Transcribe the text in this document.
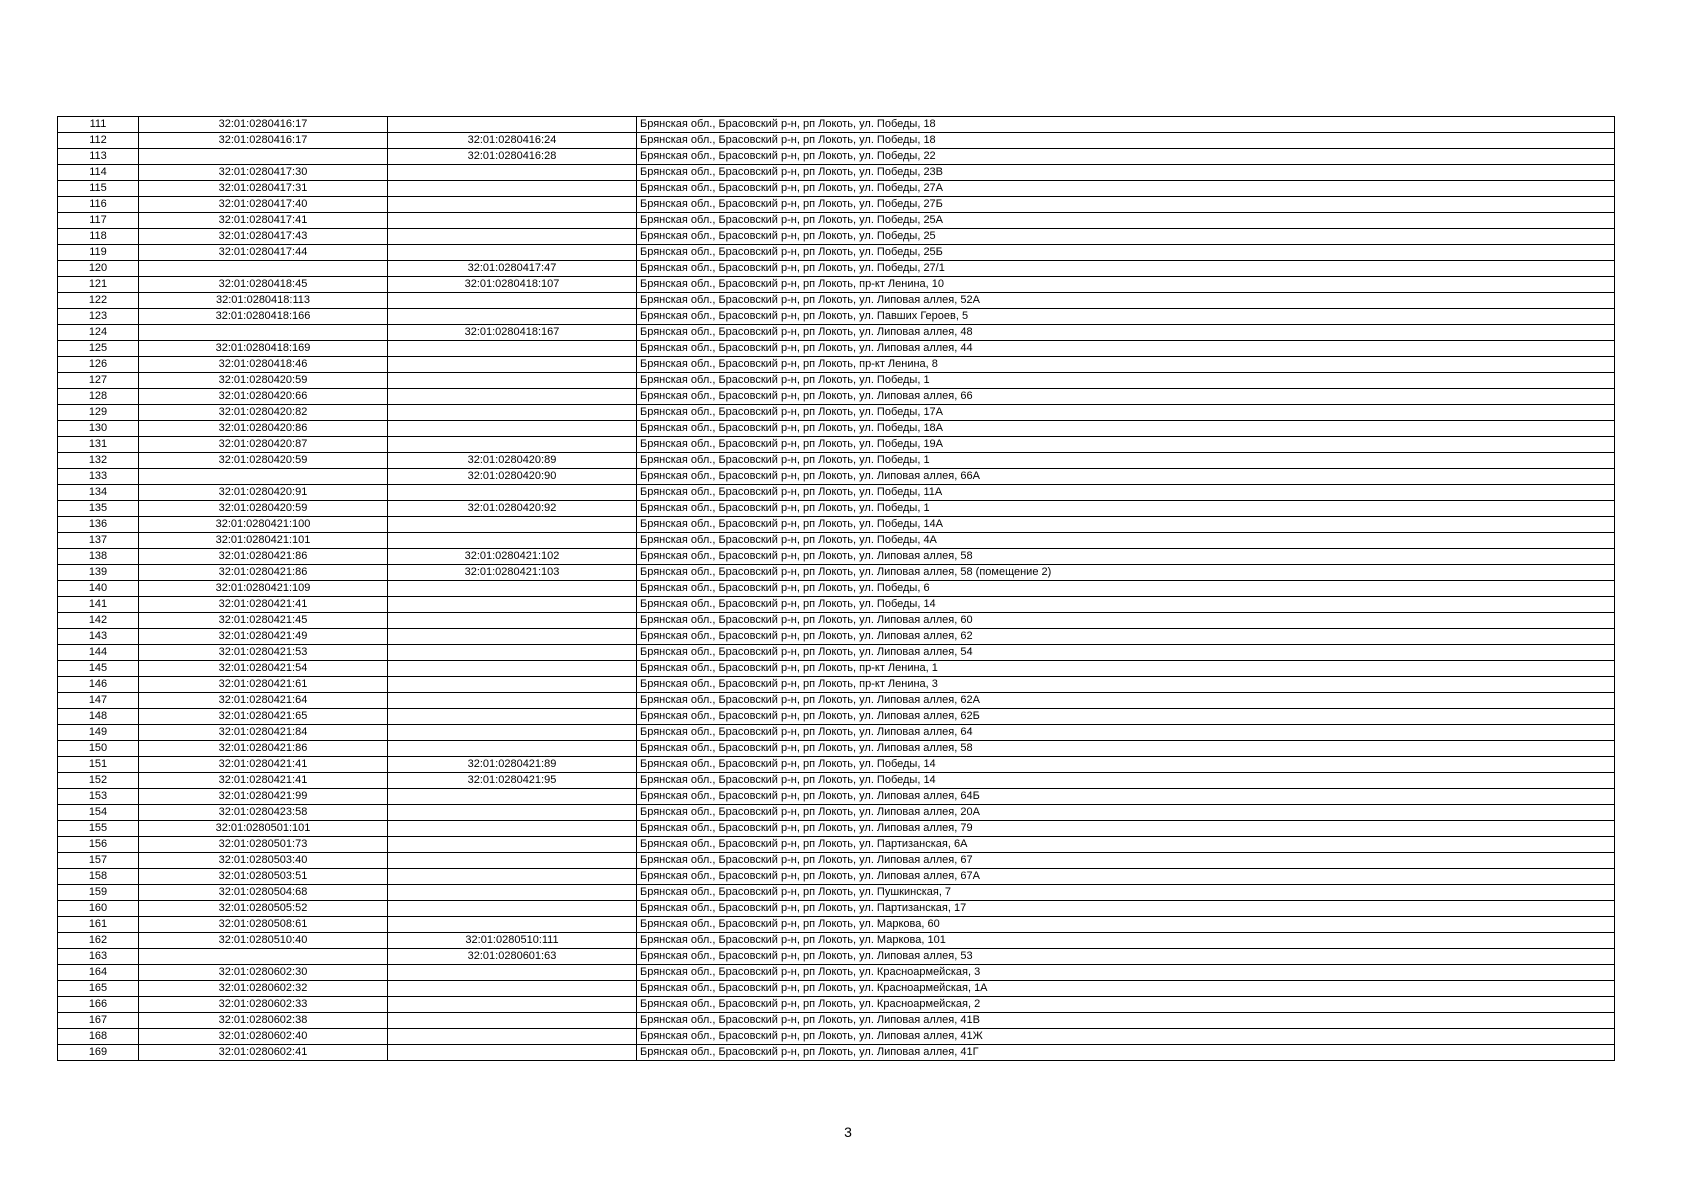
111	32:01:0280416:17		Брянская обл., Брасовский р-н, рп Локоть, ул. Победы, 18
112	32:01:0280416:17	32:01:0280416:24	Брянская обл., Брасовский р-н, рп Локоть, ул. Победы, 18
113		32:01:0280416:28	Брянская обл., Брасовский р-н, рп Локоть, ул. Победы, 22
114	32:01:0280417:30		Брянская обл., Брасовский р-н, рп Локоть, ул. Победы, 23В
115	32:01:0280417:31		Брянская обл., Брасовский р-н, рп Локоть, ул. Победы, 27А
116	32:01:0280417:40		Брянская обл., Брасовский р-н, рп Локоть, ул. Победы, 27Б
117	32:01:0280417:41		Брянская обл., Брасовский р-н, рп Локоть, ул. Победы, 25А
118	32:01:0280417:43		Брянская обл., Брасовский р-н, рп Локоть, ул. Победы, 25
119	32:01:0280417:44		Брянская обл., Брасовский р-н, рп Локоть, ул. Победы, 25Б
120		32:01:0280417:47	Брянская обл., Брасовский р-н, рп Локоть, ул. Победы, 27/1
121	32:01:0280418:45	32:01:0280418:107	Брянская обл., Брасовский р-н, рп Локоть, пр-кт Ленина, 10
122	32:01:0280418:113		Брянская обл., Брасовский р-н, рп Локоть, ул. Липовая аллея, 52А
123	32:01:0280418:166		Брянская обл., Брасовский р-н, рп Локоть, ул. Павших Героев, 5
124		32:01:0280418:167	Брянская обл., Брасовский р-н, рп Локоть, ул. Липовая аллея, 48
125	32:01:0280418:169		Брянская обл., Брасовский р-н, рп Локоть, ул. Липовая аллея, 44
126	32:01:0280418:46		Брянская обл., Брасовский р-н, рп Локоть, пр-кт Ленина, 8
127	32:01:0280420:59		Брянская обл., Брасовский р-н, рп Локоть, ул. Победы, 1
128	32:01:0280420:66		Брянская обл., Брасовский р-н, рп Локоть, ул. Липовая аллея, 66
129	32:01:0280420:82		Брянская обл., Брасовский р-н, рп Локоть, ул. Победы, 17А
130	32:01:0280420:86		Брянская обл., Брасовский р-н, рп Локоть, ул. Победы, 18А
131	32:01:0280420:87		Брянская обл., Брасовский р-н, рп Локоть, ул. Победы, 19А
132	32:01:0280420:59	32:01:0280420:89	Брянская обл., Брасовский р-н, рп Локоть, ул. Победы, 1
133		32:01:0280420:90	Брянская обл., Брасовский р-н, рп Локоть, ул. Липовая аллея, 66А
134	32:01:0280420:91		Брянская обл., Брасовский р-н, рп Локоть, ул. Победы, 11А
135	32:01:0280420:59	32:01:0280420:92	Брянская обл., Брасовский р-н, рп Локоть, ул. Победы, 1
136	32:01:0280421:100		Брянская обл., Брасовский р-н, рп Локоть, ул. Победы, 14А
137	32:01:0280421:101		Брянская обл., Брасовский р-н, рп Локоть, ул. Победы, 4А
138	32:01:0280421:86	32:01:0280421:102	Брянская обл., Брасовский р-н, рп Локоть, ул. Липовая аллея, 58
139	32:01:0280421:86	32:01:0280421:103	Брянская обл., Брасовский р-н, рп Локоть, ул. Липовая аллея, 58 (помещение 2)
140	32:01:0280421:109		Брянская обл., Брасовский р-н, рп Локоть, ул. Победы, 6
141	32:01:0280421:41		Брянская обл., Брасовский р-н, рп Локоть, ул. Победы, 14
142	32:01:0280421:45		Брянская обл., Брасовский р-н, рп Локоть, ул. Липовая аллея, 60
143	32:01:0280421:49		Брянская обл., Брасовский р-н, рп Локоть, ул. Липовая аллея, 62
144	32:01:0280421:53		Брянская обл., Брасовский р-н, рп Локоть, ул. Липовая аллея, 54
145	32:01:0280421:54		Брянская обл., Брасовский р-н, рп Локоть, пр-кт Ленина, 1
146	32:01:0280421:61		Брянская обл., Брасовский р-н, рп Локоть, пр-кт Ленина, 3
147	32:01:0280421:64		Брянская обл., Брасовский р-н, рп Локоть, ул. Липовая аллея, 62А
148	32:01:0280421:65		Брянская обл., Брасовский р-н, рп Локоть, ул. Липовая аллея, 62Б
149	32:01:0280421:84		Брянская обл., Брасовский р-н, рп Локоть, ул. Липовая аллея, 64
150	32:01:0280421:86		Брянская обл., Брасовский р-н, рп Локоть, ул. Липовая аллея, 58
151	32:01:0280421:41	32:01:0280421:89	Брянская обл., Брасовский р-н, рп Локоть, ул. Победы, 14
152	32:01:0280421:41	32:01:0280421:95	Брянская обл., Брасовский р-н, рп Локоть, ул. Победы, 14
153	32:01:0280421:99		Брянская обл., Брасовский р-н, рп Локоть, ул. Липовая аллея, 64Б
154	32:01:0280423:58		Брянская обл., Брасовский р-н, рп Локоть, ул. Липовая аллея, 20А
155	32:01:0280501:101		Брянская обл., Брасовский р-н, рп Локоть, ул. Липовая аллея, 79
156	32:01:0280501:73		Брянская обл., Брасовский р-н, рп Локоть, ул. Партизанская, 6А
157	32:01:0280503:40		Брянская обл., Брасовский р-н, рп Локоть, ул. Липовая аллея, 67
158	32:01:0280503:51		Брянская обл., Брасовский р-н, рп Локоть, ул. Липовая аллея, 67А
159	32:01:0280504:68		Брянская обл., Брасовский р-н, рп Локоть, ул. Пушкинская, 7
160	32:01:0280505:52		Брянская обл., Брасовский р-н, рп Локоть, ул. Партизанская, 17
161	32:01:0280508:61		Брянская обл., Брасовский р-н, рп Локоть, ул. Маркова, 60
162	32:01:0280510:40	32:01:0280510:111	Брянская обл., Брасовский р-н, рп Локоть, ул. Маркова, 101
163		32:01:0280601:63	Брянская обл., Брасовский р-н, рп Локоть, ул. Липовая аллея, 53
164	32:01:0280602:30		Брянская обл., Брасовский р-н, рп Локоть, ул. Красноармейская, 3
165	32:01:0280602:32		Брянская обл., Брасовский р-н, рп Локоть, ул. Красноармейская, 1А
166	32:01:0280602:33		Брянская обл., Брасовский р-н, рп Локоть, ул. Красноармейская, 2
167	32:01:0280602:38		Брянская обл., Брасовский р-н, рп Локоть, ул. Липовая аллея, 41В
168	32:01:0280602:40		Брянская обл., Брасовский р-н, рп Локоть, ул. Липовая аллея, 41Ж
169	32:01:0280602:41		Брянская обл., Брасовский р-н, рп Локоть, ул. Липовая аллея, 41Г
3
